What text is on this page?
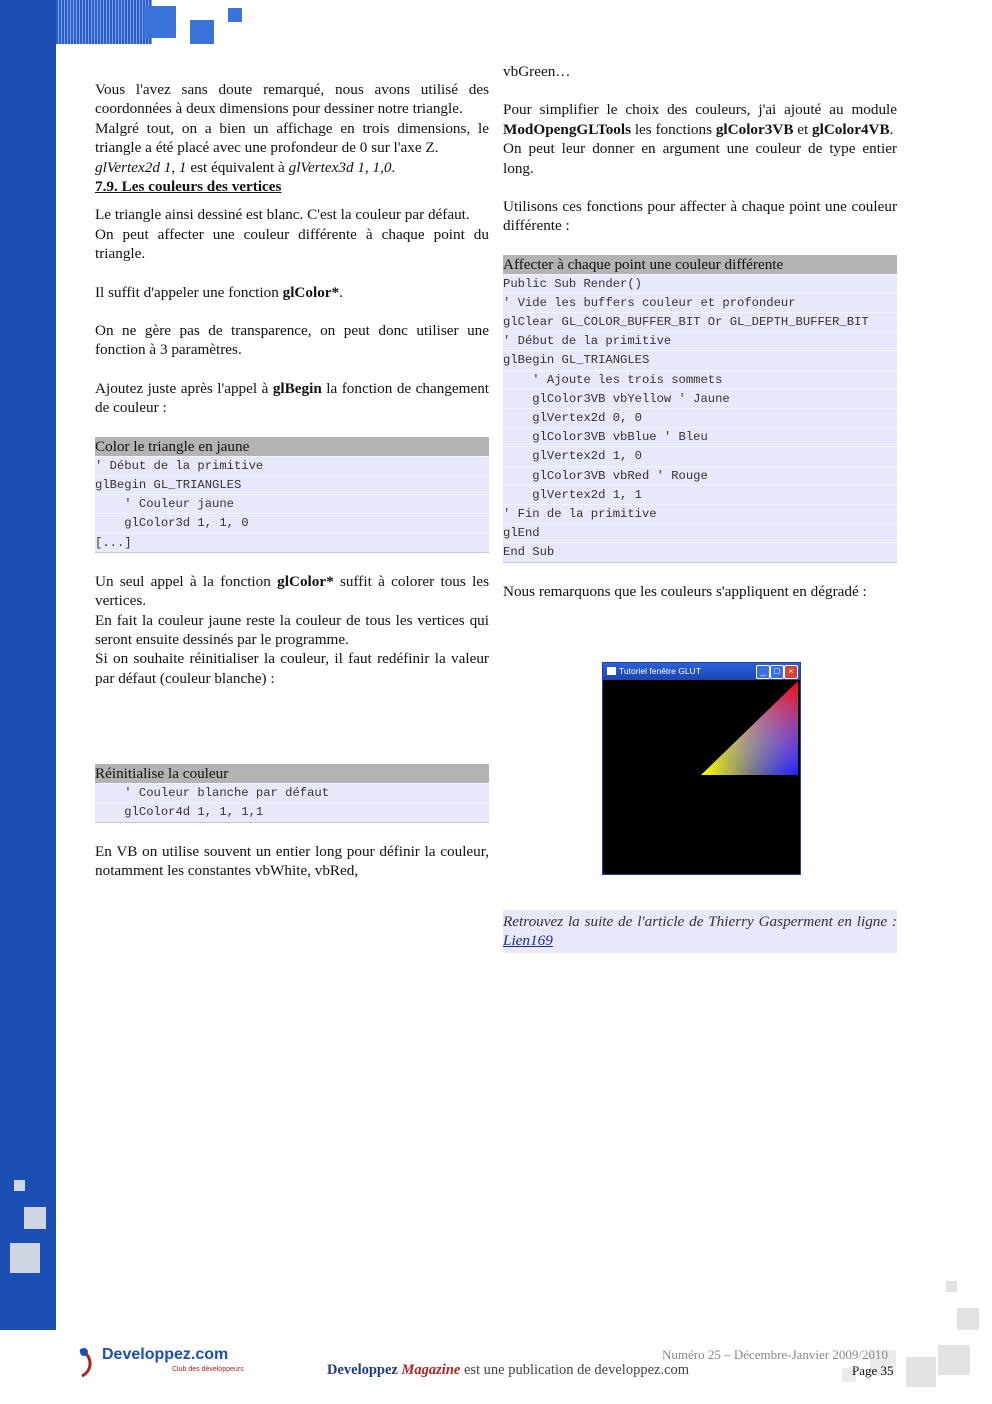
Vous l'avez sans doute remarqué, nous avons utilisé des coordonnées à deux dimensions pour dessiner notre triangle.

Malgré tout, on a bien un affichage en trois dimensions, le triangle a été placé avec une profondeur de 0 sur l'axe Z.

glVertex2d 1, 1 est équivalent à glVertex3d 1, 1,0.

7.9. Les couleurs des vertices

Le triangle ainsi dessiné est blanc. C'est la couleur par défaut.

On peut affecter une couleur différente à chaque point du triangle.

Il suffit d'appeler une fonction glColor*.

On ne gère pas de transparence, on peut donc utiliser une fonction à 3 paramètres.

Ajoutez juste après l'appel à glBegin la fonction de changement de couleur :

Color le triangle en jaune
' Début de la primitive
glBegin GL_TRIANGLES
' Couleur jaune
glColor3d 1, 1, 0
[...]

Un seul appel à la fonction glColor* suffit à colorer tous les vertices.

En fait la couleur jaune reste la couleur de tous les vertices qui seront ensuite dessinés par le programme.

Si on souhaite réinitialiser la couleur, il faut redéfinir la valeur par défaut (couleur blanche) :

Réinitialise la couleur
' Couleur blanche par défaut
glColor4d 1, 1, 1,1

En VB on utilise souvent un entier long pour définir la couleur, notamment les constantes vbWhite, vbRed,

vbGreen…

Pour simplifier le choix des couleurs, j'ai ajouté au module ModOpengGLTools les fonctions glColor3VB et glColor4VB.

On peut leur donner en argument une couleur de type entier long.

Utilisons ces fonctions pour affecter à chaque point une couleur différente :

Affecter à chaque point une couleur différente
Public Sub Render()
' Vide les buffers couleur et profondeur
glClear GL_COLOR_BUFFER_BIT Or GL_DEPTH_BUFFER_BIT
' Début de la primitive
glBegin GL_TRIANGLES
' Ajoute les trois sommets
glColor3VB vbYellow ' Jaune
glVertex2d 0, 0
glColor3VB vbBlue ' Bleu
glVertex2d 1, 0
glColor3VB vbRed ' Rouge
glVertex2d 1, 1
' Fin de la primitive
glEnd
End Sub

Nous remarquons que les couleurs s'appliquent en dégradé :

Tutoriel fenêtre GLUT	_ □ ×

Retrouvez la suite de l'article de Thierry Gasperment en ligne : Lien169

Developpez.com
Club des développeurs
Numéro 25 – Décembre-Janvier 2009/2010
Developpez Magazine est une publication de developpez.com	Page 35
